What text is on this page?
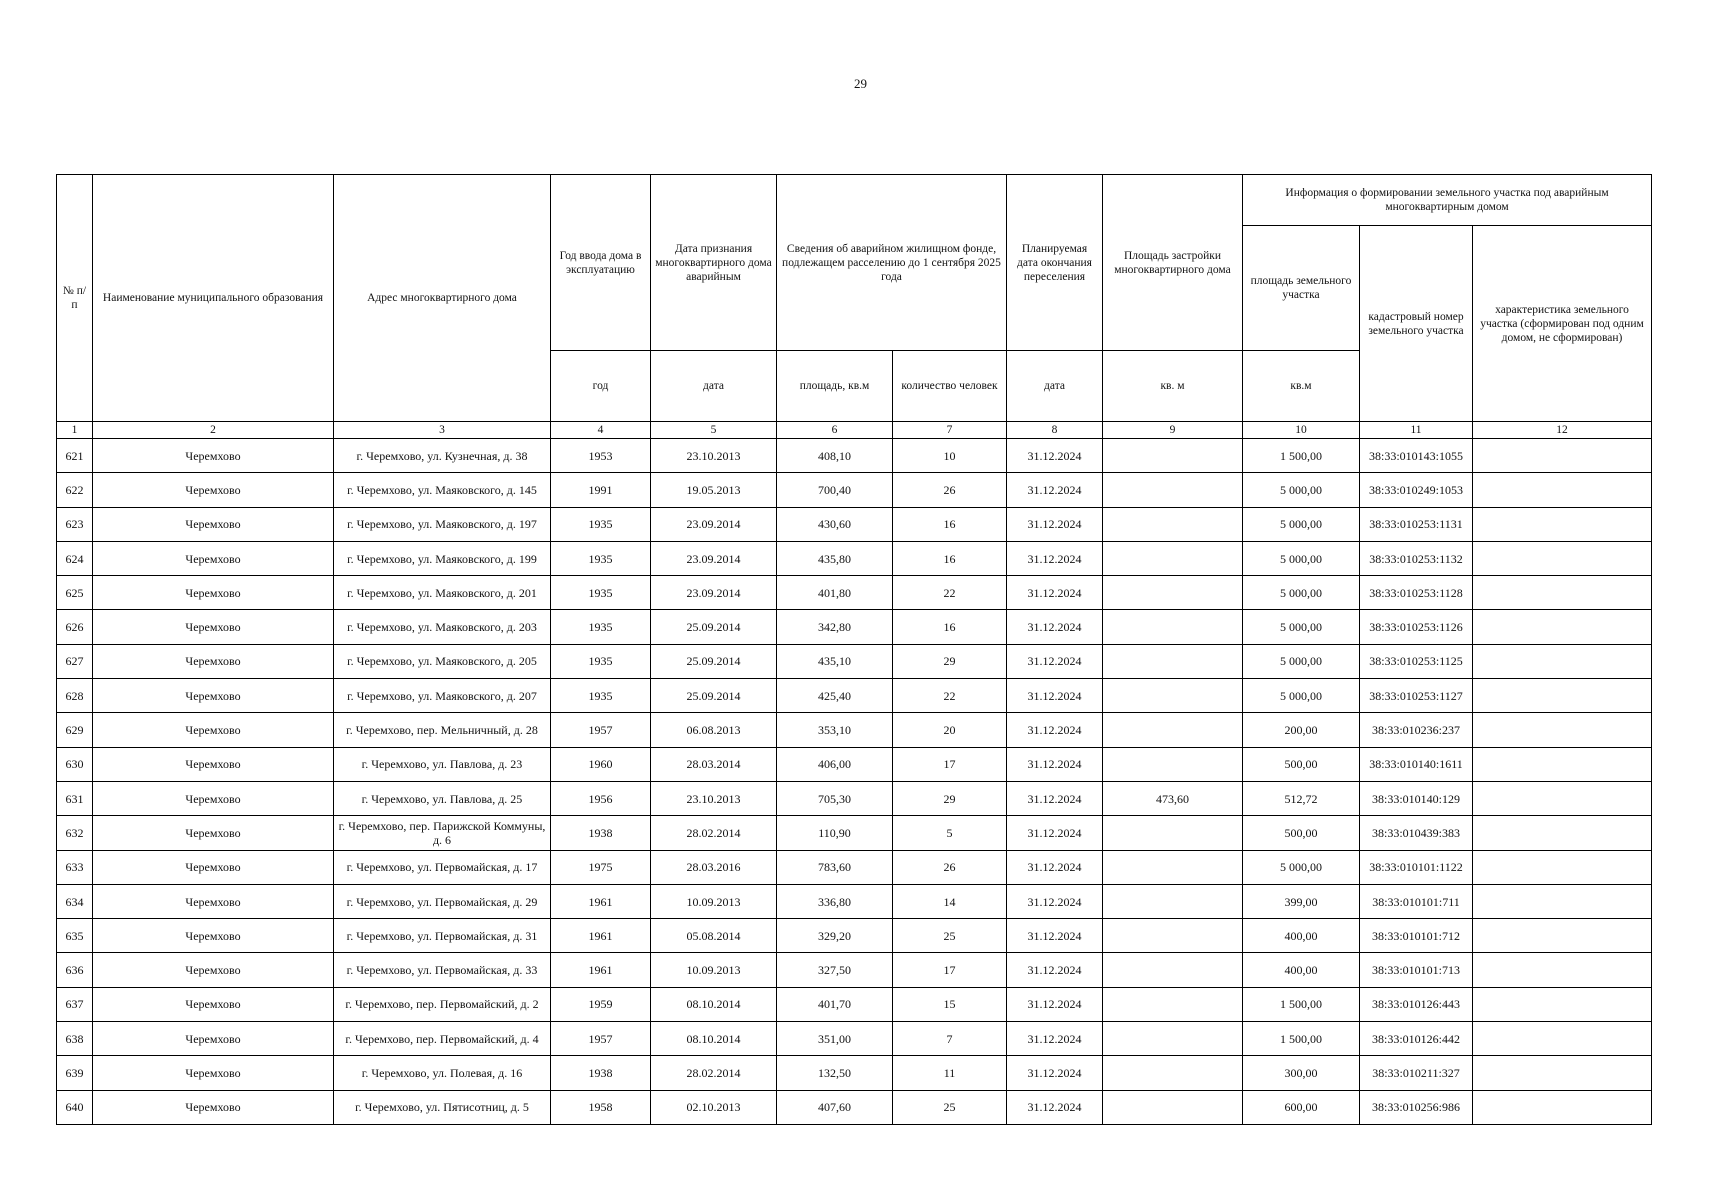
29
№ п/п	Наименование муниципального образования	Адрес многоквартирного дома	Год ввода дома в эксплуатацию	Дата признания многоквартирного дома аварийным	Сведения об аварийном жилищном фонде, подлежащем расселению до 1 сентября 2025 года		Планируемая дата окончания переселения	Площадь застройки многоквартирного дома	Информация о формировании земельного участка под аварийным многоквартирным домом		
									площадь земельного участка	кадастровый номер земельного участка	характеристика земельного участка (сформирован под одним домом, не сформирован)
			год	дата	площадь, кв.м	количество человек	дата	кв. м	кв.м		
1	2	3	4	5	6	7	8	9	10	11	12
621	Черемхово	г. Черемхово, ул. Кузнечная, д. 38	1953	23.10.2013	408,10	10	31.12.2024		1 500,00	38:33:010143:1055	
622	Черемхово	г. Черемхово, ул. Маяковского, д. 145	1991	19.05.2013	700,40	26	31.12.2024		5 000,00	38:33:010249:1053	
623	Черемхово	г. Черемхово, ул. Маяковского, д. 197	1935	23.09.2014	430,60	16	31.12.2024		5 000,00	38:33:010253:1131	
624	Черемхово	г. Черемхово, ул. Маяковского, д. 199	1935	23.09.2014	435,80	16	31.12.2024		5 000,00	38:33:010253:1132	
625	Черемхово	г. Черемхово, ул. Маяковского, д. 201	1935	23.09.2014	401,80	22	31.12.2024		5 000,00	38:33:010253:1128	
626	Черемхово	г. Черемхово, ул. Маяковского, д. 203	1935	25.09.2014	342,80	16	31.12.2024		5 000,00	38:33:010253:1126	
627	Черемхово	г. Черемхово, ул. Маяковского, д. 205	1935	25.09.2014	435,10	29	31.12.2024		5 000,00	38:33:010253:1125	
628	Черемхово	г. Черемхово, ул. Маяковского, д. 207	1935	25.09.2014	425,40	22	31.12.2024		5 000,00	38:33:010253:1127	
629	Черемхово	г. Черемхово, пер. Мельничный, д. 28	1957	06.08.2013	353,10	20	31.12.2024		200,00	38:33:010236:237	
630	Черемхово	г. Черемхово, ул. Павлова, д. 23	1960	28.03.2014	406,00	17	31.12.2024		500,00	38:33:010140:1611	
631	Черемхово	г. Черемхово, ул. Павлова, д. 25	1956	23.10.2013	705,30	29	31.12.2024	473,60	512,72	38:33:010140:129	
632	Черемхово	г. Черемхово, пер. Парижской Коммуны, д. 6	1938	28.02.2014	110,90	5	31.12.2024		500,00	38:33:010439:383	
633	Черемхово	г. Черемхово, ул. Первомайская, д. 17	1975	28.03.2016	783,60	26	31.12.2024		5 000,00	38:33:010101:1122	
634	Черемхово	г. Черемхово, ул. Первомайская, д. 29	1961	10.09.2013	336,80	14	31.12.2024		399,00	38:33:010101:711	
635	Черемхово	г. Черемхово, ул. Первомайская, д. 31	1961	05.08.2014	329,20	25	31.12.2024		400,00	38:33:010101:712	
636	Черемхово	г. Черемхово, ул. Первомайская, д. 33	1961	10.09.2013	327,50	17	31.12.2024		400,00	38:33:010101:713	
637	Черемхово	г. Черемхово, пер. Первомайский, д. 2	1959	08.10.2014	401,70	15	31.12.2024		1 500,00	38:33:010126:443	
638	Черемхово	г. Черемхово, пер. Первомайский, д. 4	1957	08.10.2014	351,00	7	31.12.2024		1 500,00	38:33:010126:442	
639	Черемхово	г. Черемхово, ул. Полевая, д. 16	1938	28.02.2014	132,50	11	31.12.2024		300,00	38:33:010211:327	
640	Черемхово	г. Черемхово, ул. Пятисотниц, д. 5	1958	02.10.2013	407,60	25	31.12.2024		600,00	38:33:010256:986	
